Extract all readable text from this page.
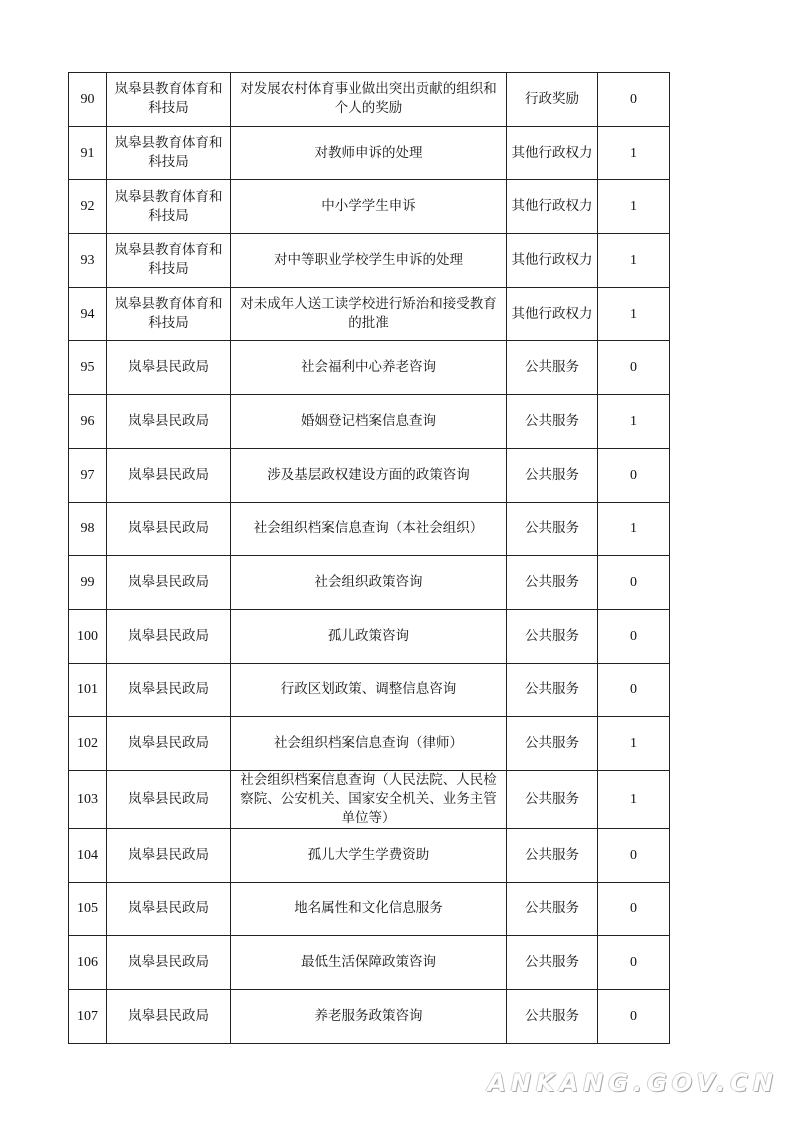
90	岚皋县教育体育和科技局	对发展农村体育事业做出突出贡献的组织和个人的奖励	行政奖励	0
91	岚皋县教育体育和科技局	对教师申诉的处理	其他行政权力	1
92	岚皋县教育体育和科技局	中小学学生申诉	其他行政权力	1
93	岚皋县教育体育和科技局	对中等职业学校学生申诉的处理	其他行政权力	1
94	岚皋县教育体育和科技局	对未成年人送工读学校进行矫治和接受教育的批准	其他行政权力	1
95	岚皋县民政局	社会福利中心养老咨询	公共服务	0
96	岚皋县民政局	婚姻登记档案信息查询	公共服务	1
97	岚皋县民政局	涉及基层政权建设方面的政策咨询	公共服务	0
98	岚皋县民政局	社会组织档案信息查询（本社会组织）	公共服务	1
99	岚皋县民政局	社会组织政策咨询	公共服务	0
100	岚皋县民政局	孤儿政策咨询	公共服务	0
101	岚皋县民政局	行政区划政策、调整信息咨询	公共服务	0
102	岚皋县民政局	社会组织档案信息查询（律师）	公共服务	1
103	岚皋县民政局	社会组织档案信息查询（人民法院、人民检察院、公安机关、国家安全机关、业务主管单位等）	公共服务	1
104	岚皋县民政局	孤儿大学生学费资助	公共服务	0
105	岚皋县民政局	地名属性和文化信息服务	公共服务	0
106	岚皋县民政局	最低生活保障政策咨询	公共服务	0
107	岚皋县民政局	养老服务政策咨询	公共服务	0
ANKANG.GOV.CN
